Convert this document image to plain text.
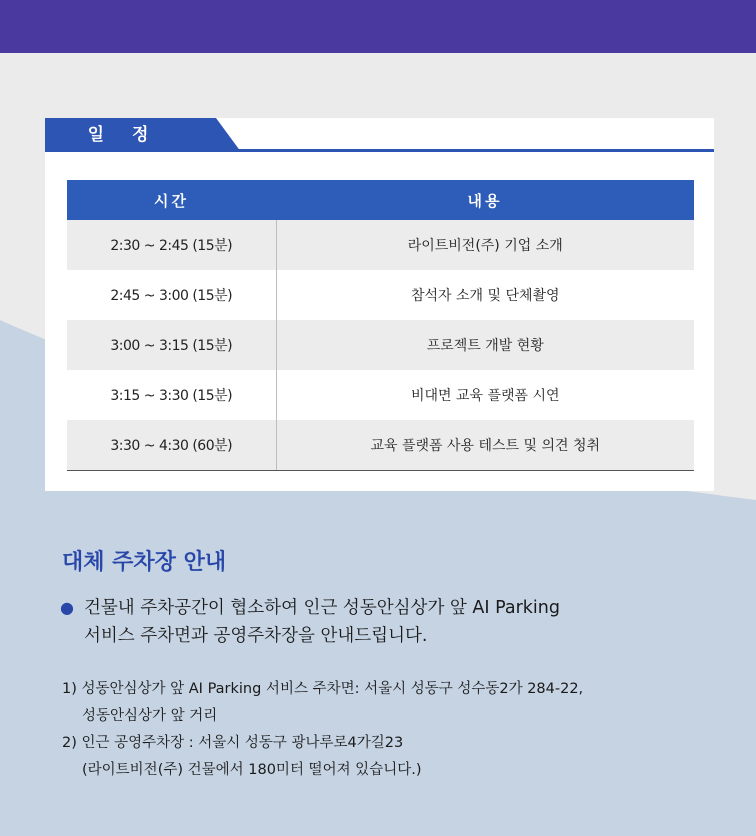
일정
시간	내용
2:30 ~ 2:45 (15분)	라이트비전(주) 기업 소개
2:45 ~ 3:00 (15분)	참석자 소개 및 단체촬영
3:00 ~ 3:15 (15분)	프로젝트 개발 현황
3:15 ~ 3:30 (15분)	비대면 교육 플랫폼 시연
3:30 ~ 4:30 (60분)	교육 플랫폼 사용 테스트 및 의견 청취
대체 주차장 안내
● 건물내 주차공간이 협소하여 인근 성동안심상가 앞 AI Parking
서비스 주차면과 공영주차장을 안내드립니다.
1) 성동안심상가 앞 AI Parking 서비스 주차면: 서울시 성동구 성수동2가 284-22,
성동안심상가 앞 거리
2) 인근 공영주차장 : 서울시 성동구 광나루로4가길23
(라이트비전(주) 건물에서 180미터 떨어져 있습니다.)
